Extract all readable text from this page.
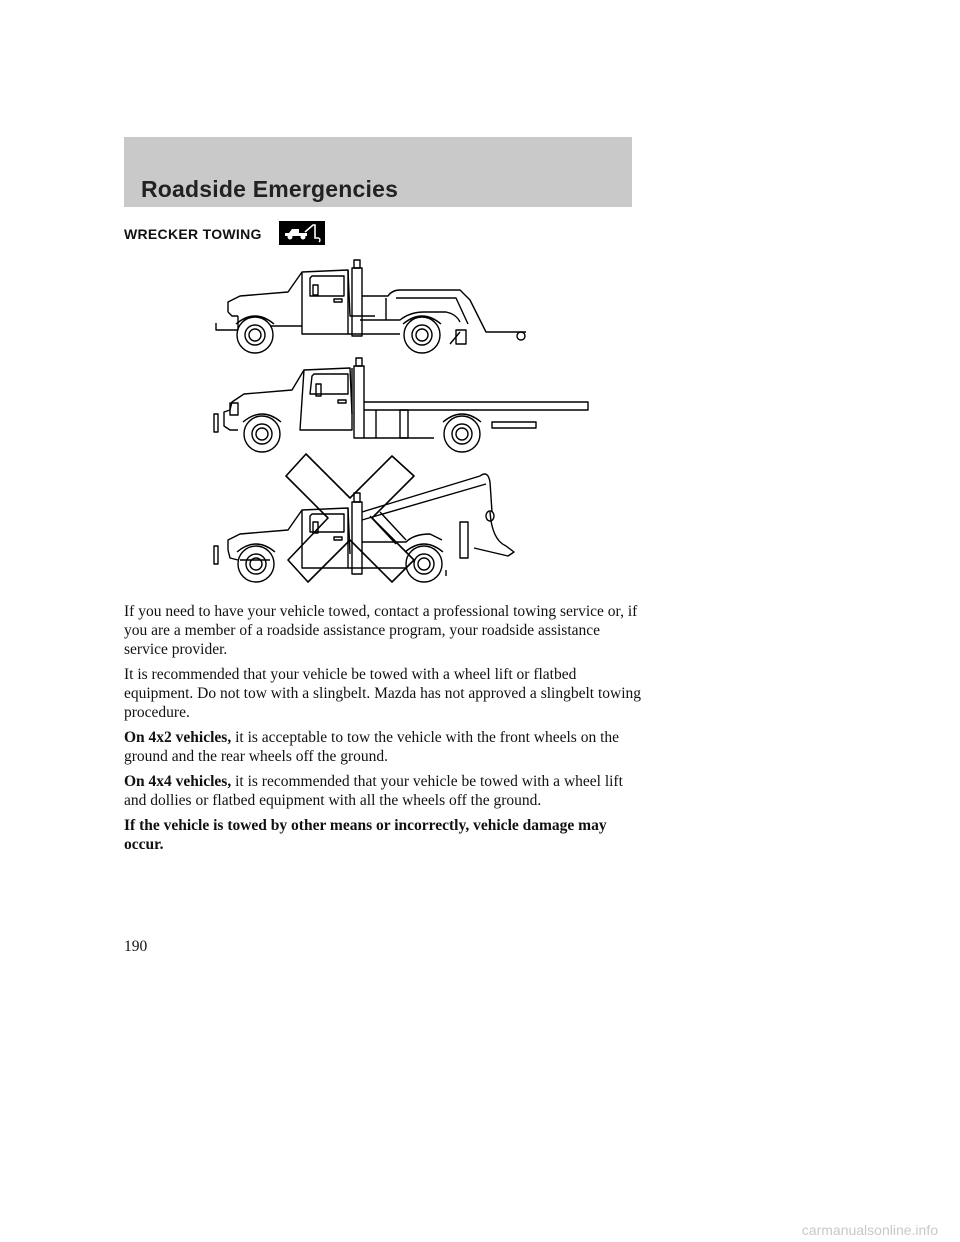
Roadside Emergencies
WRECKER TOWING

If you need to have your vehicle towed, contact a professional towing service or, if you are a member of a roadside assistance program, your roadside assistance service provider.

It is recommended that your vehicle be towed with a wheel lift or flatbed equipment. Do not tow with a slingbelt. Mazda has not approved a slingbelt towing procedure.

On 4x2 vehicles, it is acceptable to tow the vehicle with the front wheels on the ground and the rear wheels off the ground.

On 4x4 vehicles, it is recommended that your vehicle be towed with a wheel lift and dollies or flatbed equipment with all the wheels off the ground.

If the vehicle is towed by other means or incorrectly, vehicle damage may occur.

190
carmanualsonline.info
